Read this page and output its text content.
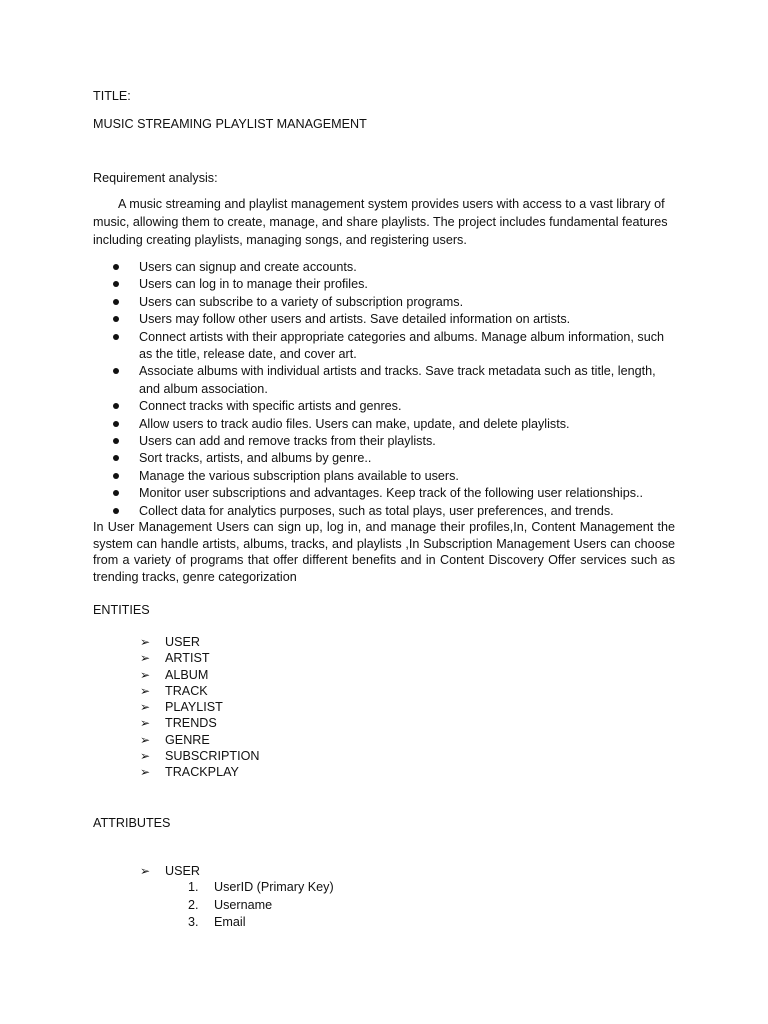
TITLE:
MUSIC STREAMING PLAYLIST MANAGEMENT
Requirement analysis:
A music streaming and playlist management system provides users with access to a vast library of music, allowing them to create, manage, and share playlists. The project includes fundamental features including creating playlists, managing songs, and registering users.
Users can signup and create accounts.
Users can log in to manage their profiles.
Users can subscribe to a variety of subscription programs.
Users may follow other users and artists. Save detailed information on artists.
Connect artists with their appropriate categories and albums. Manage album information, such as the title, release date, and cover art.
Associate albums with individual artists and tracks. Save track metadata such as title, length, and album association.
Connect tracks with specific artists and genres.
Allow users to track audio files. Users can make, update, and delete playlists.
Users can add and remove tracks from their playlists.
Sort tracks, artists, and albums by genre..
Manage the various subscription plans available to users.
Monitor user subscriptions and advantages. Keep track of the following user relationships..
Collect data for analytics purposes, such as total plays, user preferences, and trends.
In User Management Users can sign up, log in, and manage their profiles,In, Content Management the system can handle artists, albums, tracks, and playlists ,In Subscription Management Users can choose from a variety of programs that offer different benefits and in Content Discovery Offer services such as trending tracks, genre categorization
ENTITIES
➢ USER
➢ ARTIST
➢ ALBUM
➢ TRACK
➢ PLAYLIST
➢ TRENDS
➢ GENRE
➢ SUBSCRIPTION
➢ TRACKPLAY
ATTRIBUTES
➢ USER
1. UserID (Primary Key)
2. Username
3. Email
